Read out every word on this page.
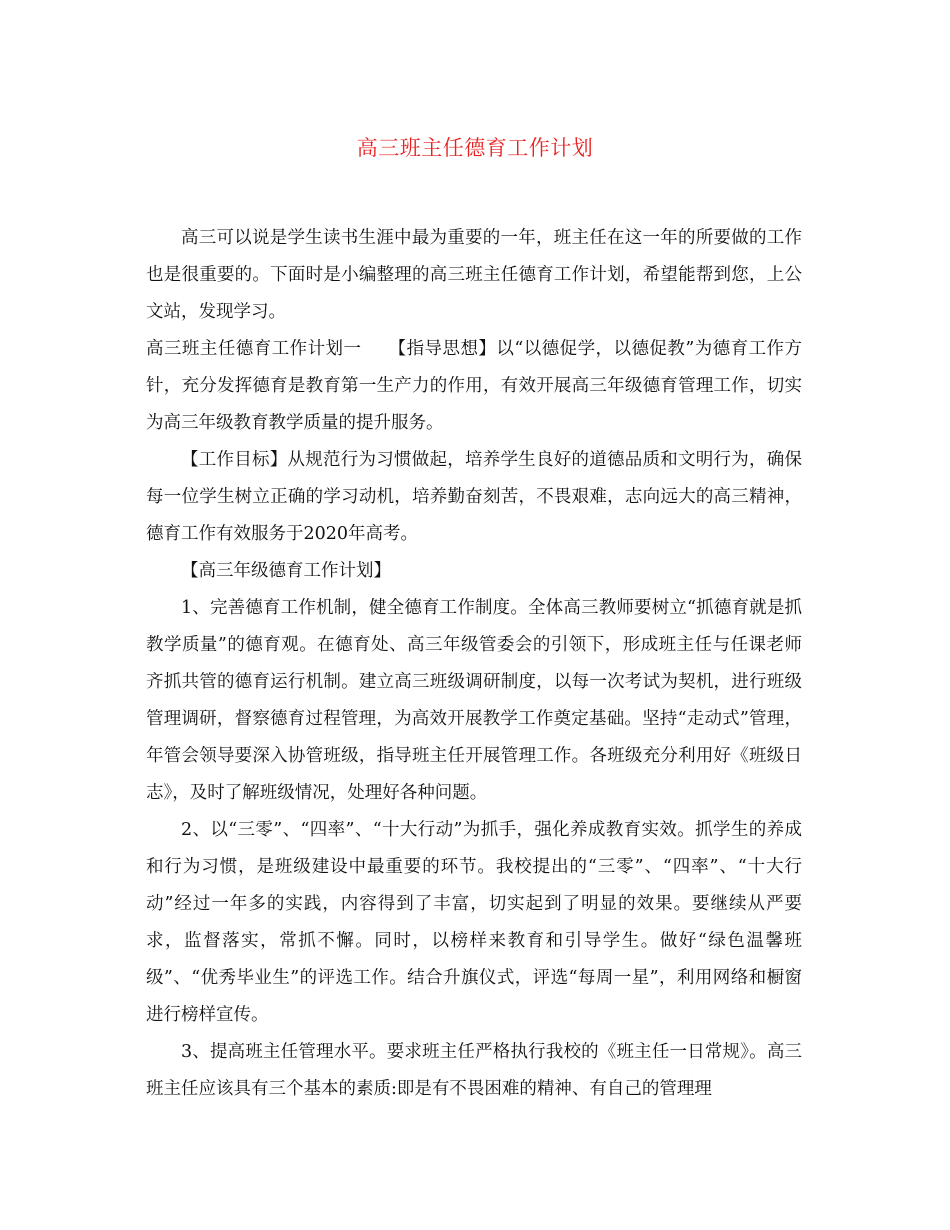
高三班主任德育工作计划

高三可以说是学生读书生涯中最为重要的一年，班主任在这一年的所要做的工作也是很重要的。下面时是小编整理的高三班主任德育工作计划，希望能帮到您，上公文站，发现学习。

高三班主任德育工作计划一　　【指导思想】以“以德促学，以德促教”为德育工作方针，充分发挥德育是教育第一生产力的作用，有效开展高三年级德育管理工作，切实为高三年级教育教学质量的提升服务。

【工作目标】从规范行为习惯做起，培养学生良好的道德品质和文明行为，确保每一位学生树立正确的学习动机，培养勤奋刻苦，不畏艰难，志向远大的高三精神，德育工作有效服务于2020年高考。

【高三年级德育工作计划】

1、完善德育工作机制，健全德育工作制度。全体高三教师要树立“抓德育就是抓教学质量”的德育观。在德育处、高三年级管委会的引领下，形成班主任与任课老师齐抓共管的德育运行机制。建立高三班级调研制度，以每一次考试为契机，进行班级管理调研，督察德育过程管理，为高效开展教学工作奠定基础。坚持“走动式”管理，年管会领导要深入协管班级，指导班主任开展管理工作。各班级充分利用好《班级日志》，及时了解班级情况，处理好各种问题。

2、以“三零”、“四率”、“十大行动”为抓手，强化养成教育实效。抓学生的养成和行为习惯，是班级建设中最重要的环节。我校提出的“三零”、“四率”、“十大行动”经过一年多的实践，内容得到了丰富，切实起到了明显的效果。要继续从严要求，监督落实，常抓不懈。同时，以榜样来教育和引导学生。做好“绿色温馨班级”、“优秀毕业生”的评选工作。结合升旗仪式，评选“每周一星”，利用网络和橱窗进行榜样宣传。

3、提高班主任管理水平。要求班主任严格执行我校的《班主任一日常规》。高三班主任应该具有三个基本的素质:即是有不畏困难的精神、有自己的管理理
